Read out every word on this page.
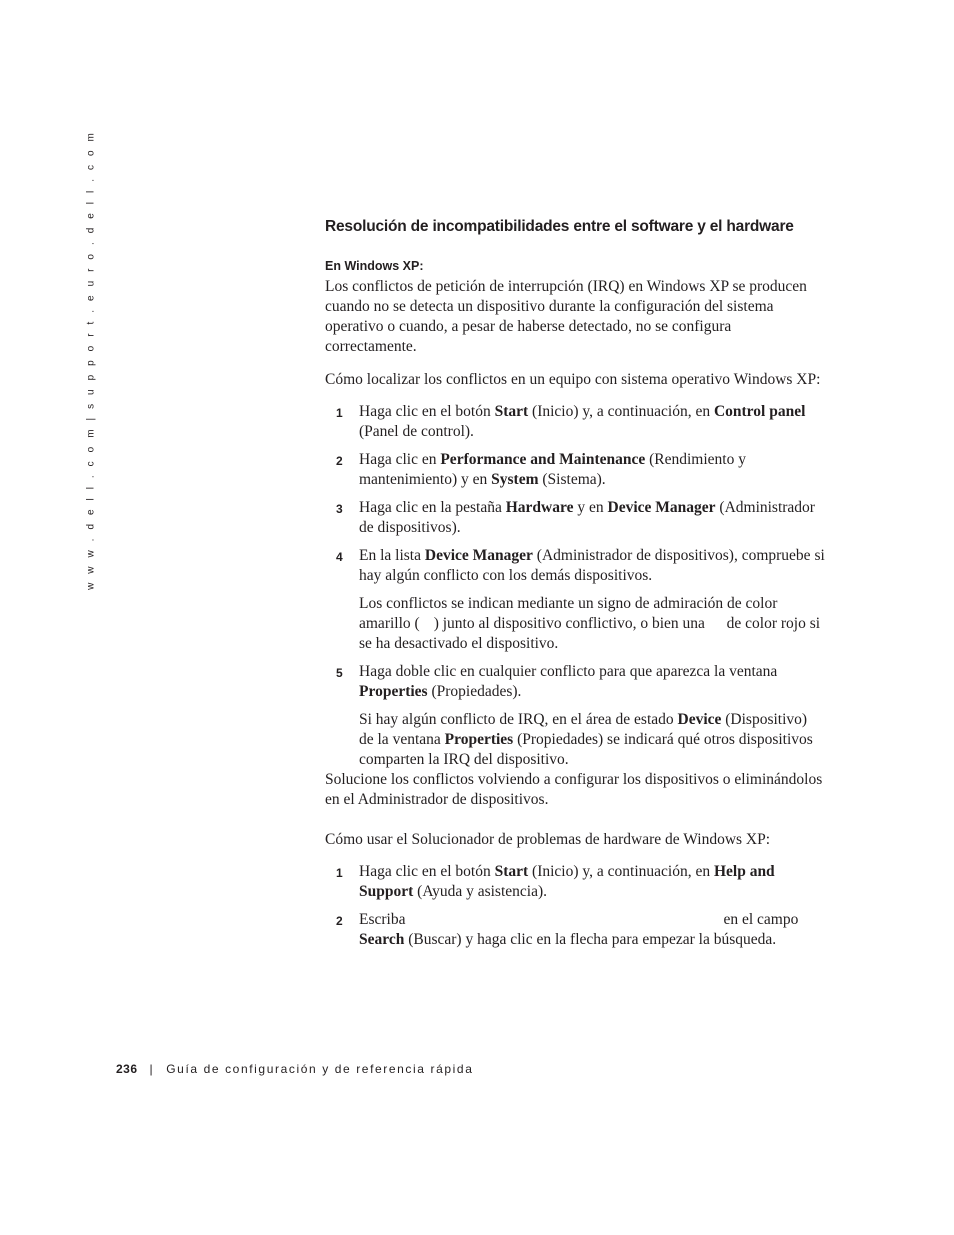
w w w . d e l l . c o m | s u p p o r t . e u r o . d e l l . c o m	Resolución de incompatibilidades entre el software y el hardware
En Windows XP:

Los conflictos de petición de interrupción (IRQ) en Windows XP se producen cuando no se detecta un dispositivo durante la configuración del sistema operativo o cuando, a pesar de haberse detectado, no se configura correctamente.

Cómo localizar los conflictos en un equipo con sistema operativo Windows XP:

1 Haga clic en el botón Start (Inicio) y, a continuación, en Control panel (Panel de control).
2 Haga clic en Performance and Maintenance (Rendimiento y mantenimiento) y en System (Sistema).
3 Haga clic en la pestaña Hardware y en Device Manager (Administrador de dispositivos).
4 En la lista Device Manager (Administrador de dispositivos), compruebe si hay algún conflicto con los demás dispositivos.
Los conflictos se indican mediante un signo de admiración de color amarillo ( ) junto al dispositivo conflictivo, o bien una  de color rojo si se ha desactivado el dispositivo.
5 Haga doble clic en cualquier conflicto para que aparezca la ventana Properties (Propiedades).
Si hay algún conflicto de IRQ, en el área de estado Device (Dispositivo) de la ventana Properties (Propiedades) se indicará qué otros dispositivos comparten la IRQ del dispositivo.

Solucione los conflictos volviendo a configurar los dispositivos o eliminándolos en el Administrador de dispositivos.

Cómo usar el Solucionador de problemas de hardware de Windows XP:

1 Haga clic en el botón Start (Inicio) y, a continuación, en Help and Support (Ayuda y asistencia).
2 Escriba	en el campo
Search (Buscar) y haga clic en la flecha para empezar la búsqueda.
236 | Guía de configuración y de referencia rápida
